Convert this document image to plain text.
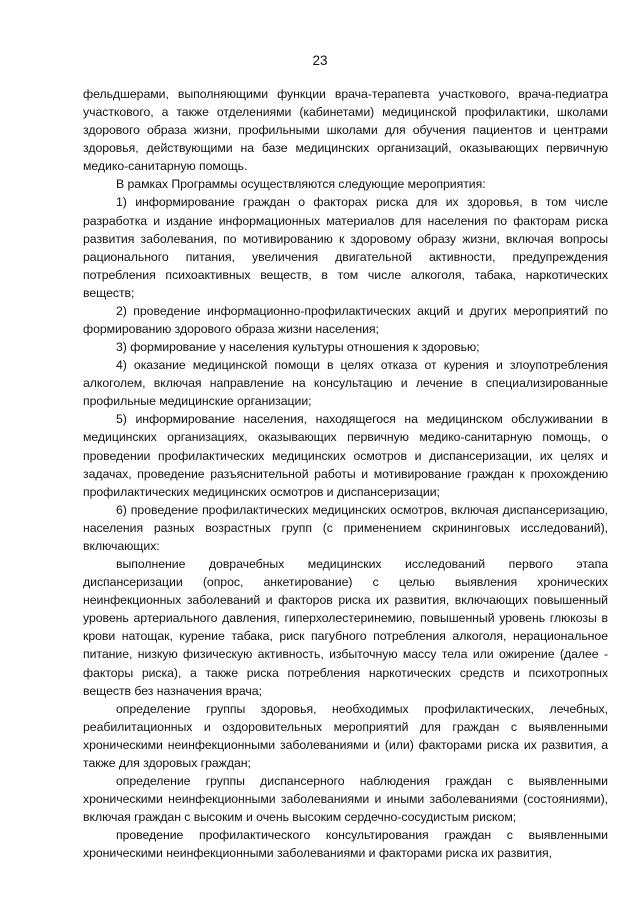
23

фельдшерами, выполняющими функции врача-терапевта участкового, врача-педиатра участкового, а также отделениями (кабинетами) медицинской профилактики, школами здорового образа жизни, профильными школами для обучения пациентов и центрами здоровья, действующими на базе медицинских организаций, оказывающих первичную медико-санитарную помощь.

В рамках Программы осуществляются следующие мероприятия:

1) информирование граждан о факторах риска для их здоровья, в том числе разработка и издание информационных материалов для населения по факторам риска развития заболевания, по мотивированию к здоровому образу жизни, включая вопросы рационального питания, увеличения двигательной активности, предупреждения потребления психоактивных веществ, в том числе алкоголя, табака, наркотических веществ;

2) проведение информационно-профилактических акций и других мероприятий по формированию здорового образа жизни населения;

3) формирование у населения культуры отношения к здоровью;

4) оказание медицинской помощи в целях отказа от курения и злоупотребления алкоголем, включая направление на консультацию и лечение в специализированные профильные медицинские организации;

5) информирование населения, находящегося на медицинском обслуживании в медицинских организациях, оказывающих первичную медико-санитарную помощь, о проведении профилактических медицинских осмотров и диспансеризации, их целях и задачах, проведение разъяснительной работы и мотивирование граждан к прохождению профилактических медицинских осмотров и диспансеризации;

6) проведение профилактических медицинских осмотров, включая диспансеризацию, населения разных возрастных групп (с применением скрининговых исследований), включающих:

выполнение доврачебных медицинских исследований первого этапа диспансеризации (опрос, анкетирование) с целью выявления хронических неинфекционных заболеваний и факторов риска их развития, включающих повышенный уровень артериального давления, гиперхолестеринемию, повышенный уровень глюкозы в крови натощак, курение табака, риск пагубного потребления алкоголя, нерациональное питание, низкую физическую активность, избыточную массу тела или ожирение (далее - факторы риска), а также риска потребления наркотических средств и психотропных веществ без назначения врача;

определение группы здоровья, необходимых профилактических, лечебных, реабилитационных и оздоровительных мероприятий для граждан с выявленными хроническими неинфекционными заболеваниями и (или) факторами риска их развития, а также для здоровых граждан;

определение группы диспансерного наблюдения граждан с выявленными хроническими неинфекционными заболеваниями и иными заболеваниями (состояниями), включая граждан с высоким и очень высоким сердечно-сосудистым риском;

проведение профилактического консультирования граждан с выявленными хроническими неинфекционными заболеваниями и факторами риска их развития,
